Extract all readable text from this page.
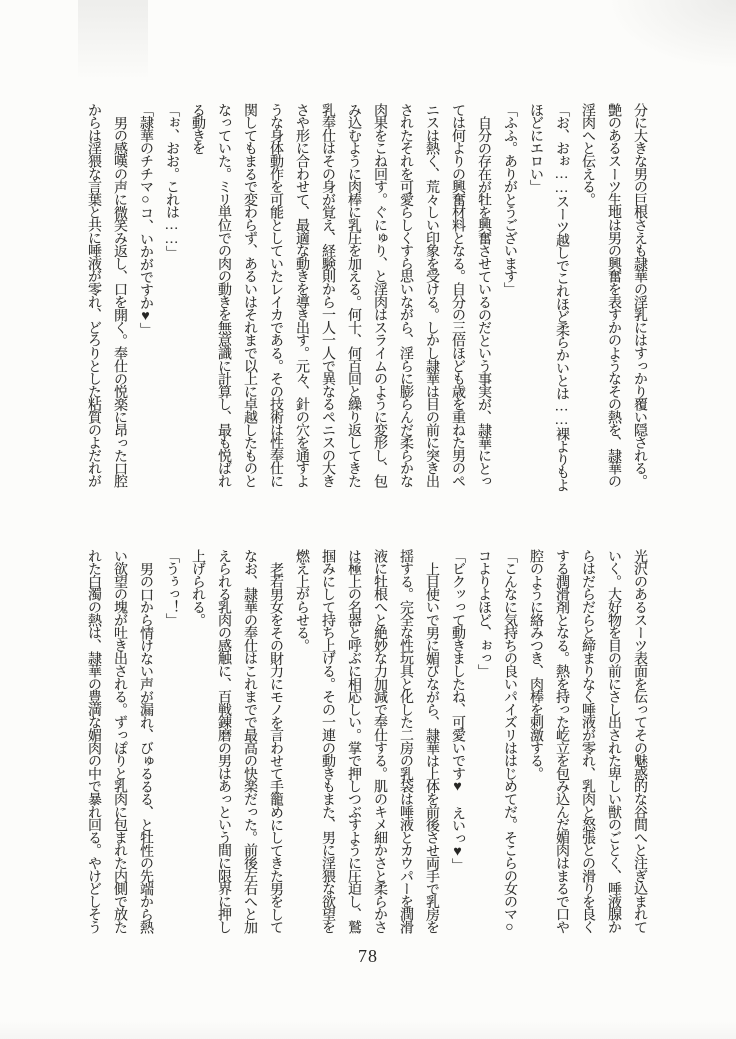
分に大きな男の巨根さえも隷華の淫乳にはすっかり覆い隠される。
艶のあるスーツ生地は男の興奮を表すかのようなその熱を、隷華の
淫肉へと伝える。
「お、おぉ……スーツ越しでこれほど柔らかいとは……裸よりもよ
ほどにエロい」
「ふふ。ありがとうございます」
自分の存在が牡を興奮させているのだという事実が、隷華にとっ
ては何よりの興奮材料となる。自分の三倍ほども歳を重ねた男のペ
ニスは熱く、荒々しい印象を受ける。しかし隷華は目の前に突き出
されたそれを可愛らしくすら思いながら、淫らに膨らんだ柔らかな
肉果をこね回す。ぐにゅり、と淫肉はスライムのように変形し、包
み込むように肉棒に乳圧を加える。何十、何百回と繰り返してきた
乳奉仕はその身が覚え、経験則から一人一人で異なるペニスの大き
さや形に合わせて、最適な動きを導き出す。元々、針の穴を通すよ
うな身体動作を可能としていたレイカである。その技術は性奉仕に
関してもまるで変わらず、あるいはそれまで以上に卓越したものと
なっていた。ミリ単位での肉の動きを無意識に計算し、最も悦ばれ
る動きを
「ぉ、おお。これは……」
「隷華のチチマ○コ、いかがですか♥」
男の感嘆の声に微笑み返し、口を開く。奉仕の悦楽に昂った口腔
からは淫猥な言葉と共に唾液が零れ、どろりとした粘質のよだれが
光沢のあるスーツ表面を伝ってその魅惑的な谷間へと注ぎ込まれて
いく。大好物を目の前にさし出された卑しい獣のごとく、唾液腺か
らはだらだらと締まりなく唾液が零れ、乳肉と怒張との滑りを良く
する潤滑剤となる。熱を持った屹立を包み込んだ媚肉はまるで口や
腔のように絡みつき、肉棒を刺激する。
「こんなに気持ちの良いパイズリははじめてだ。そこらの女のマ○
コよりよほど、ぉっ」
「ビクッって動きましたね、可愛いです♥　えいっ♥」
上目使いで男に媚びながら、隷華は上体を前後させ両手で乳房を
揺する。完全な性玩具と化した二房の乳袋は唾液とカウパーを潤滑
液に牡根へと絶妙な力加減で奉仕する。肌のキメ細かさと柔らかさ
は極上の名器と呼ぶに相応しい。掌で押しつぶすように圧迫し、鷲
掴みにして持ち上げる。その一連の動きもまた、男に淫猥な欲望を
燃え上がらせる。
老若男女をその財力にモノを言わせて手籠めにしてきた男をして
なお、隷華の奉仕はこれまでで最高の快楽だった。前後左右へと加
えられる乳肉の感触に、百戦錬磨の男はあっという間に限界に押し
上げられる。
「うぅっ！」
男の口から情けない声が漏れ、びゅるるる、と牡性の先端から熱
い欲望の塊が吐き出される。ずっぽりと乳肉に包まれた内側で放た
れた白濁の熱は、隷華の豊満な媚肉の中で暴れ回る。やけどしそう
78
